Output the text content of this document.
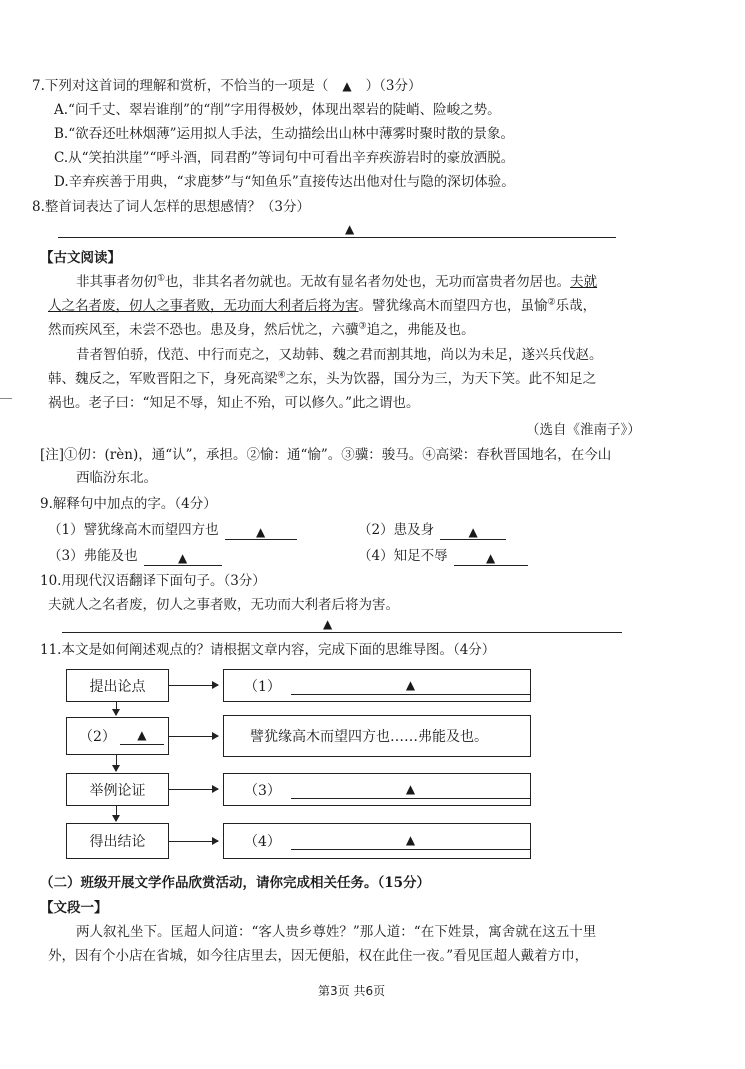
7.下列对这首词的理解和赏析，不恰当的一项是（ ▲ ）（3分）
A.“问千丈、翠岩谁削”的“削”字用得极妙，体现出翠岩的陡峭、险峻之势。
B.“欲吞还吐林烟薄”运用拟人手法，生动描绘出山林中薄雾时聚时散的景象。
C.从“笑拍洪崖”“呼斗酒，同君酌”等词句中可看出辛弃疾游岩时的豪放洒脱。
D.辛弃疾善于用典，“求鹿梦”与“知鱼乐”直接传达出他对仕与隐的深切体验。
8.整首词表达了词人怎样的思想感情？（3分）
▲
【古文阅读】
非其事者勿仞①也，非其名者勿就也。无故有显名者勿处也，无功而富贵者勿居也。夫就
人之名者废，仞人之事者败，无功而大利者后将为害。譬犹缘高木而望四方也，虽愉②乐哉，
然而疾风至，未尝不恐也。患及身，然后忧之，六骥③追之，弗能及也。
昔者智伯骄，伐范、中行而克之，又劫韩、魏之君而割其地，尚以为未足，遂兴兵伐赵。
韩、魏反之，军败晋阳之下，身死高梁④之东，头为饮器，国分为三，为天下笑。此不知足之
祸也。老子曰：“知足不辱，知止不殆，可以修久。”此之谓也。
（选自《淮南子》）
[注]①仞：(rèn)，通“认”，承担。②愉：通“愉”。③骥：骏马。④高梁：春秋晋国地名，在今山
西临汾东北。
9.解释句中加点的字。（4分）
（1）譬犹缘高木而望四方也	▲	（2）患及身	▲
（3）弗能及也	▲	（4）知足不辱	▲
10.用现代汉语翻译下面句子。（3分）
夫就人之名者废，仞人之事者败，无功而大利者后将为害。
▲
11.本文是如何阐述观点的？请根据文章内容，完成下面的思维导图。（4分）
提出论点	（1）	▲
（2）	▲	譬犹缘高木而望四方也……弗能及也。
举例论证	（3）	▲
得出结论	（4）	▲
（二）班级开展文学作品欣赏活动，请你完成相关任务。（15分）
【文段一】
两人叙礼坐下。匡超人问道：“客人贵乡尊姓？”那人道：“在下姓景，寓舍就在这五十里
外，因有个小店在省城，如今往店里去，因无便船，权在此住一夜。”看见匡超人戴着方巾，
第3页 共6页
